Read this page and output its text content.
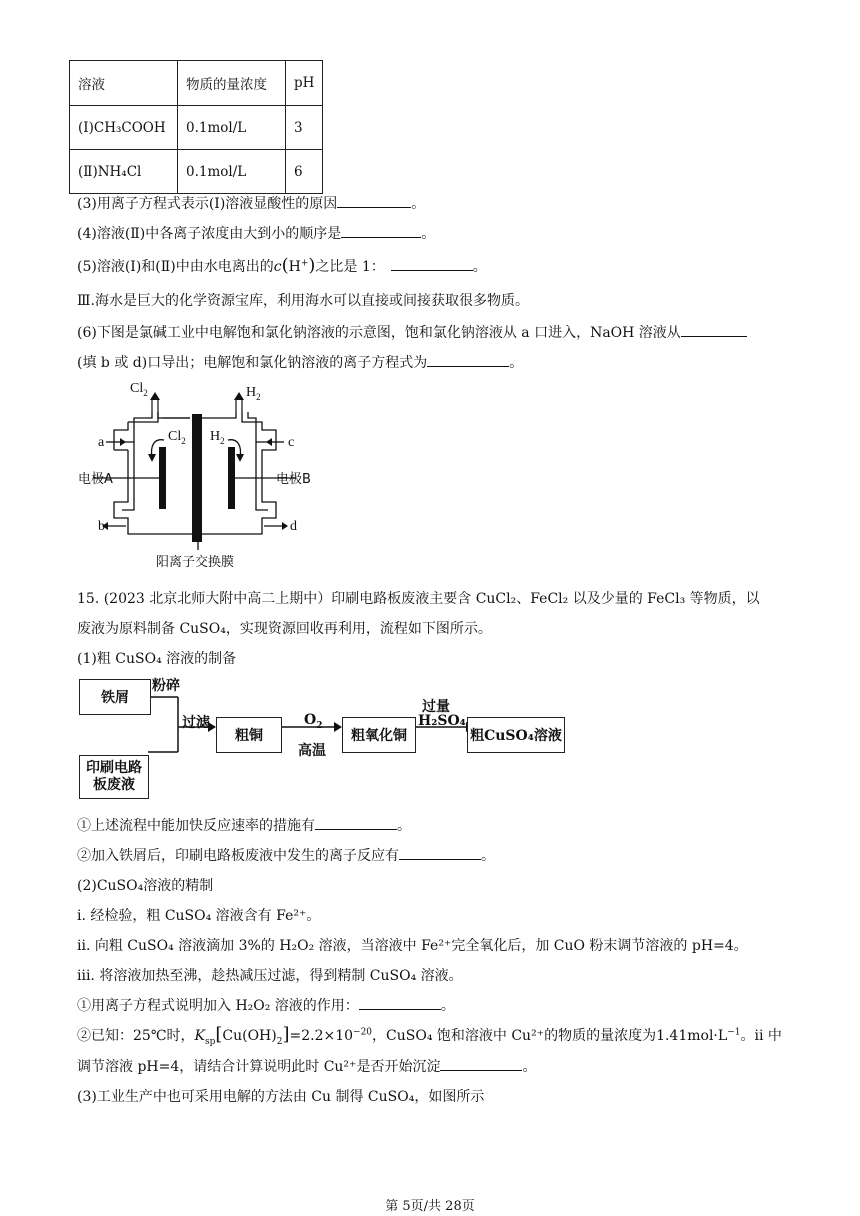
溶液	物质的量浓度	pH
(Ⅰ)CH₃COOH	0.1mol/L	3
(Ⅱ)NH₄Cl	0.1mol/L	6
(3)用离子方程式表示(Ⅰ)溶液显酸性的原因	。
(4)溶液(Ⅱ)中各离子浓度由大到小的顺序是	。
(5)溶液(Ⅰ)和(Ⅱ)中由水电离出的c(H+)之比是 1：	。
Ⅲ.海水是巨大的化学资源宝库，利用海水可以直接或间接获取很多物质。
(6)下图是氯碱工业中电解饱和氯化钠溶液的示意图，饱和氯化钠溶液从 a 口进入，NaOH 溶液从
(填 b 或 d)口导出；电解饱和氯化钠溶液的离子方程式为	。
$Cl_2$	$H_2$
$Cl_2$ $H_2$
a	c
b	d
电极A	电极B
阳离子交换膜
15. (2023 北京北师大附中高二上期中）印刷电路板废液主要含 CuCl₂、FeCl₂ 以及少量的 FeCl₃ 等物质，以
废液为原料制备 CuSO₄，实现资源回收再利用，流程如下图所示。
(1)粗 CuSO₄ 溶液的制备
铁屑
印刷电路板废液
粉碎
过滤
粗铜
$O_2$
高温
粗氧化铜
过量
H₂SO₄
粗CuSO₄溶液
①上述流程中能加快反应速率的措施有	。
②加入铁屑后，印刷电路板废液中发生的离子反应有	。
(2)CuSO₄溶液的精制
i. 经检验，粗 CuSO₄ 溶液含有 Fe²⁺。
ii. 向粗 CuSO₄ 溶液滴加 3%的 H₂O₂ 溶液，当溶液中 Fe²⁺完全氧化后，加 CuO 粉末调节溶液的 pH=4。
iii. 将溶液加热至沸，趁热减压过滤，得到精制 CuSO₄ 溶液。
①用离子方程式说明加入 H₂O₂ 溶液的作用：	。
②已知：25℃时，$K_{sp}[Cu(OH)_2]=2.2\times 10^{-20}$，CuSO₄ 饱和溶液中 Cu²⁺的物质的量浓度为$1.41mol\cdot L^{-1}$。ii 中
调节溶液 pH=4，请结合计算说明此时 Cu²⁺是否开始沉淀	。
(3)工业生产中也可采用电解的方法由 Cu 制得 CuSO₄，如图所示
第 5页/共 28页
